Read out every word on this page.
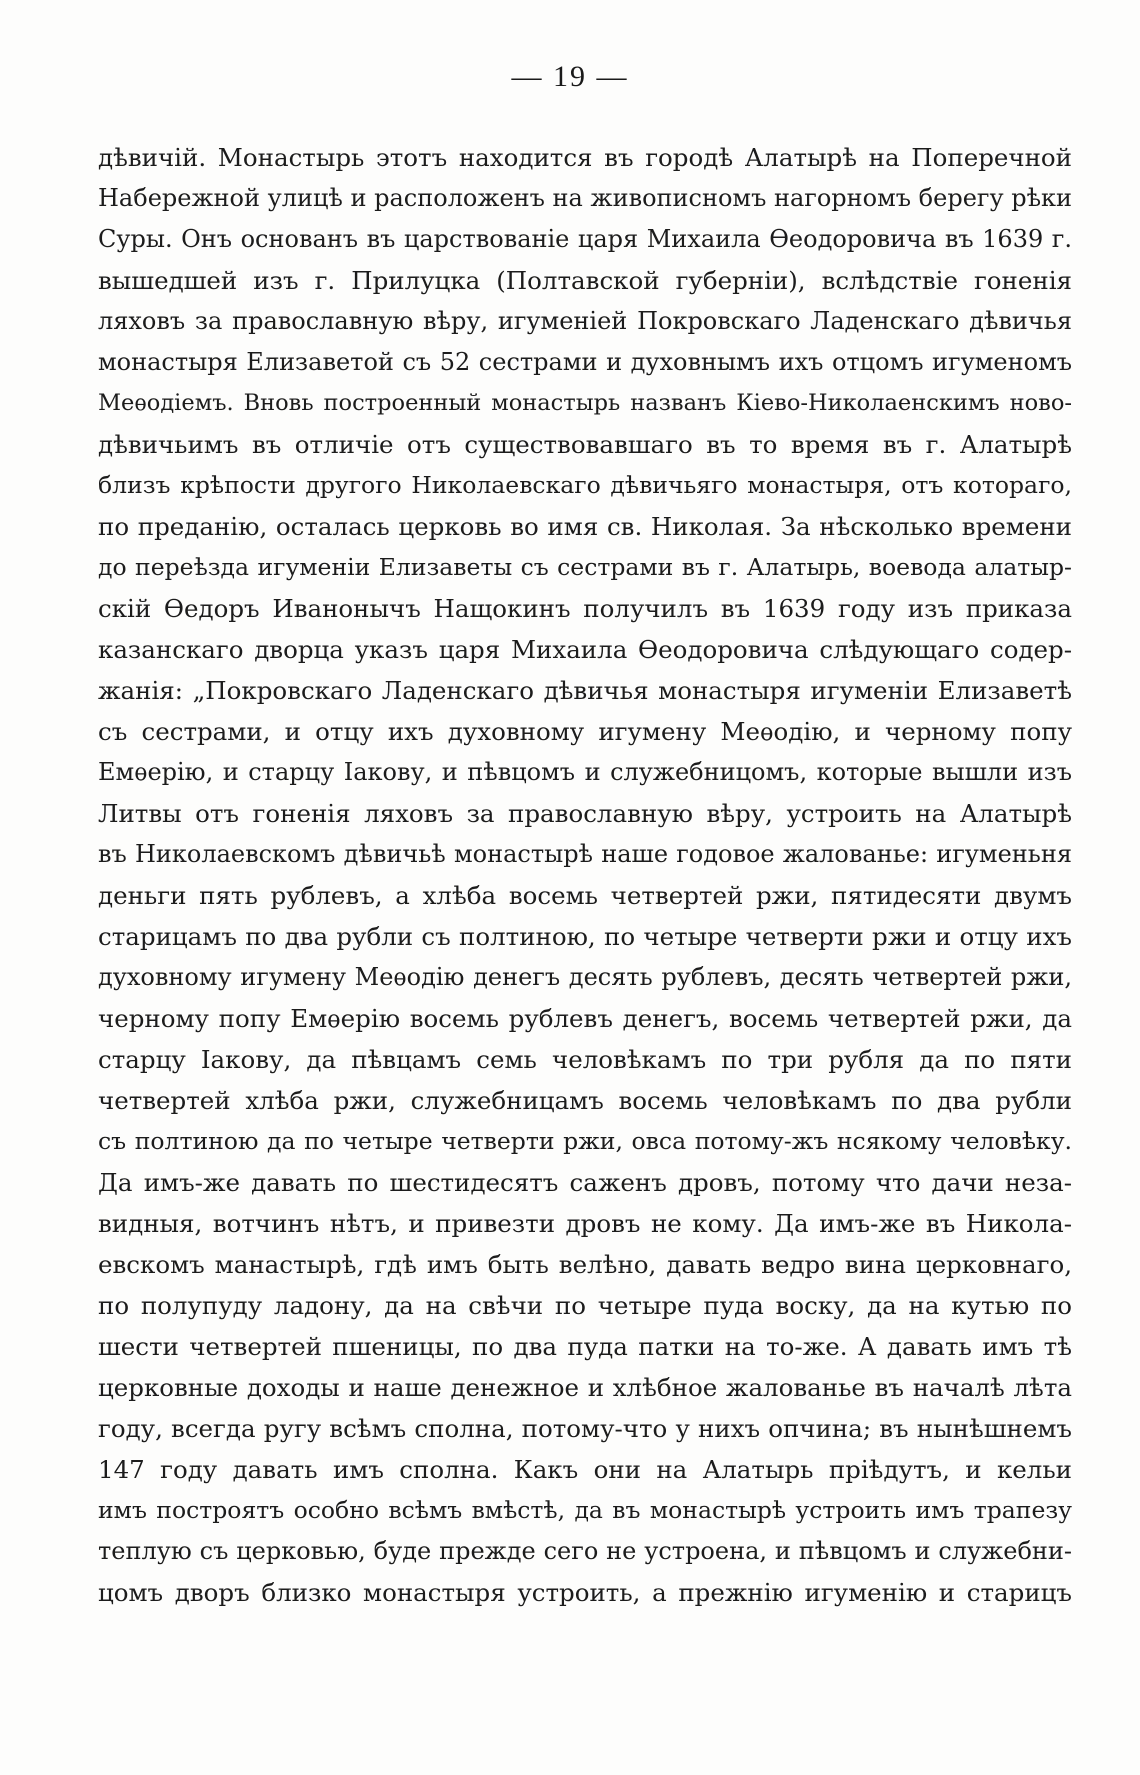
— 19 —
дѣвичій. Монастырь этотъ находится въ городѣ Алатырѣ на Поперечной
Набережной улицѣ и расположенъ на живописномъ нагорномъ берегу рѣки
Суры. Онъ основанъ въ царствованіе царя Михаила Ѳеодоровича въ 1639 г.
вышедшей изъ г. Прилуцка (Полтавской губерніи), вслѣдствіе гоненія
ляховъ за православную вѣру, игуменіей Покровскаго Ладенскаго дѣвичья
монастыря Елизаветой съ 52 сестрами и духовнымъ ихъ отцомъ игуменомъ
Меѳодіемъ. Вновь построенный монастырь названъ Кіево-Николаенскимъ ново-
дѣвичьимъ въ отличіе отъ существовавшаго въ то время въ г. Алатырѣ
близъ крѣпости другого Николаевскаго дѣвичьяго монастыря, отъ котораго,
по преданію, осталась церковь во имя св. Николая. За нѣсколько времени
до переѣзда игуменіи Елизаветы съ сестрами въ г. Алатырь, воевода алатыр-
скій Ѳедоръ Иванонычъ Нащокинъ получилъ въ 1639 году изъ приказа
казанскаго дворца указъ царя Михаила Ѳеодоровича слѣдующаго содер-
жанія: „Покровскаго Ладенскаго дѣвичья монастыря игуменіи Елизаветѣ
съ сестрами, и отцу ихъ духовному игумену Меѳодію, и черному попу
Емѳерію, и старцу Іакову, и пѣвцомъ и служебницомъ, которые вышли изъ
Литвы отъ гоненія ляховъ за православную вѣру, устроить на Алатырѣ
въ Николаевскомъ дѣвичьѣ монастырѣ наше годовое жалованье: игуменьня
деньги пять рублевъ, а хлѣба восемь четвертей ржи, пятидесяти двумъ
старицамъ по два рубли съ полтиною, по четыре четверти ржи и отцу ихъ
духовному игумену Меѳодію денегъ десять рублевъ, десять четвертей ржи,
черному попу Емѳерію восемь рублевъ денегъ, восемь четвертей ржи, да
старцу Іакову, да пѣвцамъ семь человѣкамъ по три рубля да по пяти
четвертей хлѣба ржи, служебницамъ восемь человѣкамъ по два рубли
съ полтиною да по четыре четверти ржи, овса потому-жъ нсякому человѣку.
Да имъ-же давать по шестидесятъ саженъ дровъ, потому что дачи неза-
видныя, вотчинъ нѣтъ, и привезти дровъ не кому. Да имъ-же въ Никола-
евскомъ манастырѣ, гдѣ имъ быть велѣно, давать ведро вина церковнаго,
по полупуду ладону, да на свѣчи по четыре пуда воску, да на кутью по
шести четвертей пшеницы, по два пуда патки на то-же. А давать имъ тѣ
церковные доходы и наше денежное и хлѣбное жалованье въ началѣ лѣта
году, всегда ругу всѣмъ сполна, потому-что у нихъ опчина; въ нынѣшнемъ
147 году давать имъ сполна. Какъ они на Алатырь пріѣдутъ, и кельи
имъ построятъ особно всѣмъ вмѣстѣ, да въ монастырѣ устроить имъ трапезу
теплую съ церковью, буде прежде сего не устроена, и пѣвцомъ и служебни-
цомъ дворъ близко монастыря устроить, а прежнію игуменію и старицъ
